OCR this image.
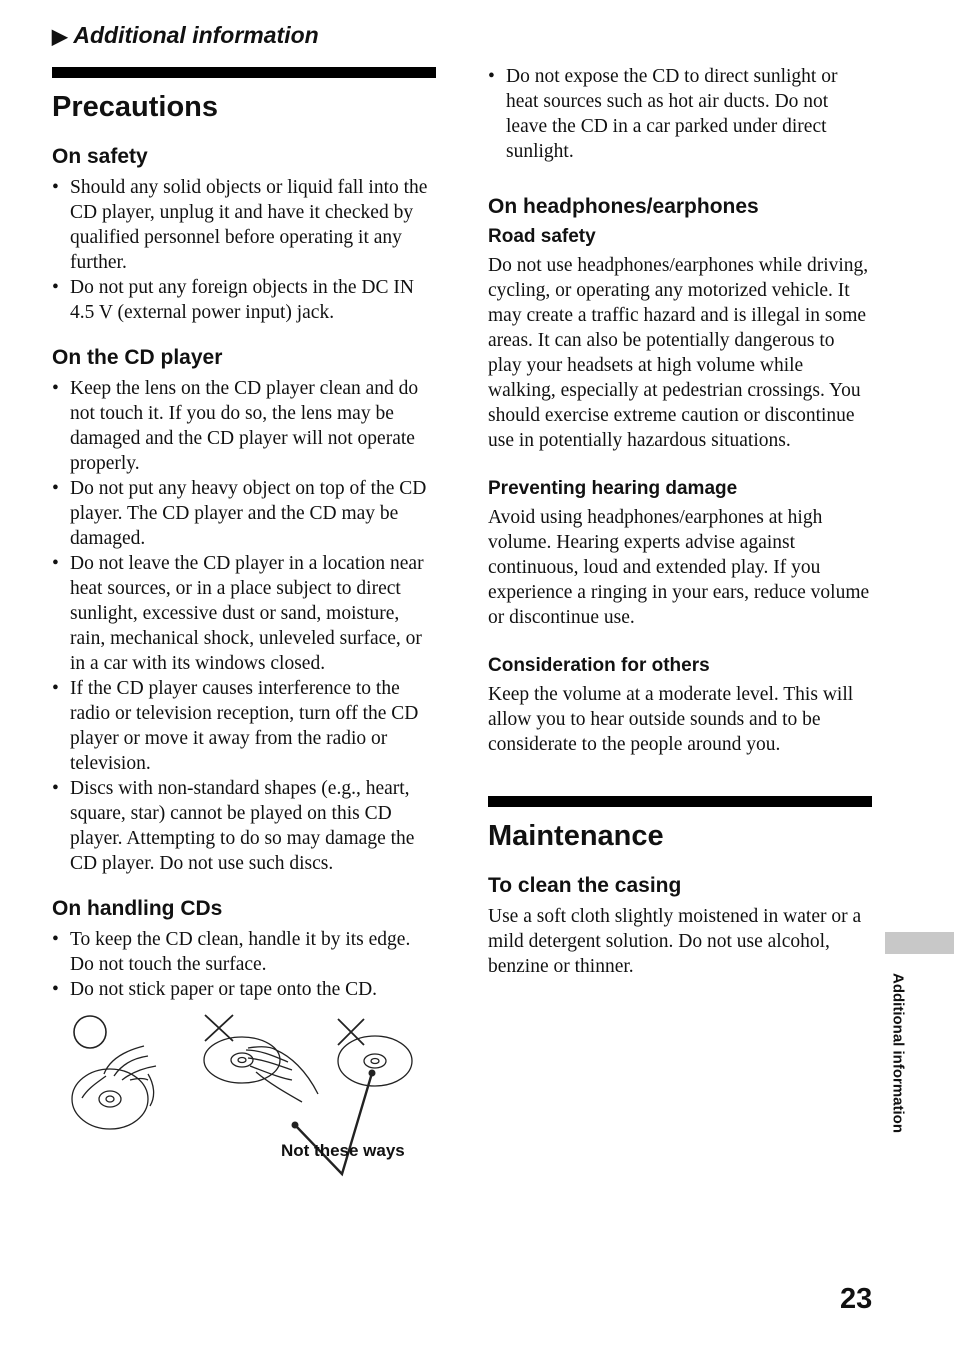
▶ Additional information
Precautions
On safety
• Should any solid objects or liquid fall into the CD player, unplug it and have it checked by qualified personnel before operating it any further.
• Do not put any foreign objects in the DC IN 4.5 V (external power input) jack.
On the CD player
• Keep the lens on the CD player clean and do not touch it. If you do so, the lens may be damaged and the CD player will not operate properly.
• Do not put any heavy object on top of the CD player. The CD player and the CD may be damaged.
• Do not leave the CD player in a location near heat sources, or in a place subject to direct sunlight, excessive dust or sand, moisture, rain, mechanical shock, unleveled surface, or in a car with its windows closed.
• If the CD player causes interference to the radio or television reception, turn off the CD player or move it away from the radio or television.
• Discs with non-standard shapes (e.g., heart, square, star) cannot be played on this CD player. Attempting to do so may damage the CD player. Do not use such discs.
On handling CDs
• To keep the CD clean, handle it by its edge. Do not touch the surface.
• Do not stick paper or tape onto the CD.
Not these ways
• Do not expose the CD to direct sunlight or heat sources such as hot air ducts. Do not leave the CD in a car parked under direct sunlight.
On headphones/earphones
Road safety

Do not use headphones/earphones while driving, cycling, or operating any motorized vehicle. It may create a traffic hazard and is illegal in some areas. It can also be potentially dangerous to play your headsets at high volume while walking, especially at pedestrian crossings. You should exercise extreme caution or discontinue use in potentially hazardous situations.

Preventing hearing damage

Avoid using headphones/earphones at high volume. Hearing experts advise against continuous, loud and extended play. If you experience a ringing in your ears, reduce volume or discontinue use.

Consideration for others

Keep the volume at a moderate level. This will allow you to hear outside sounds and to be considerate to the people around you.

Maintenance
To clean the casing

Use a soft cloth slightly moistened in water or a mild detergent solution. Do not use alcohol, benzine or thinner.

Additional information
23
